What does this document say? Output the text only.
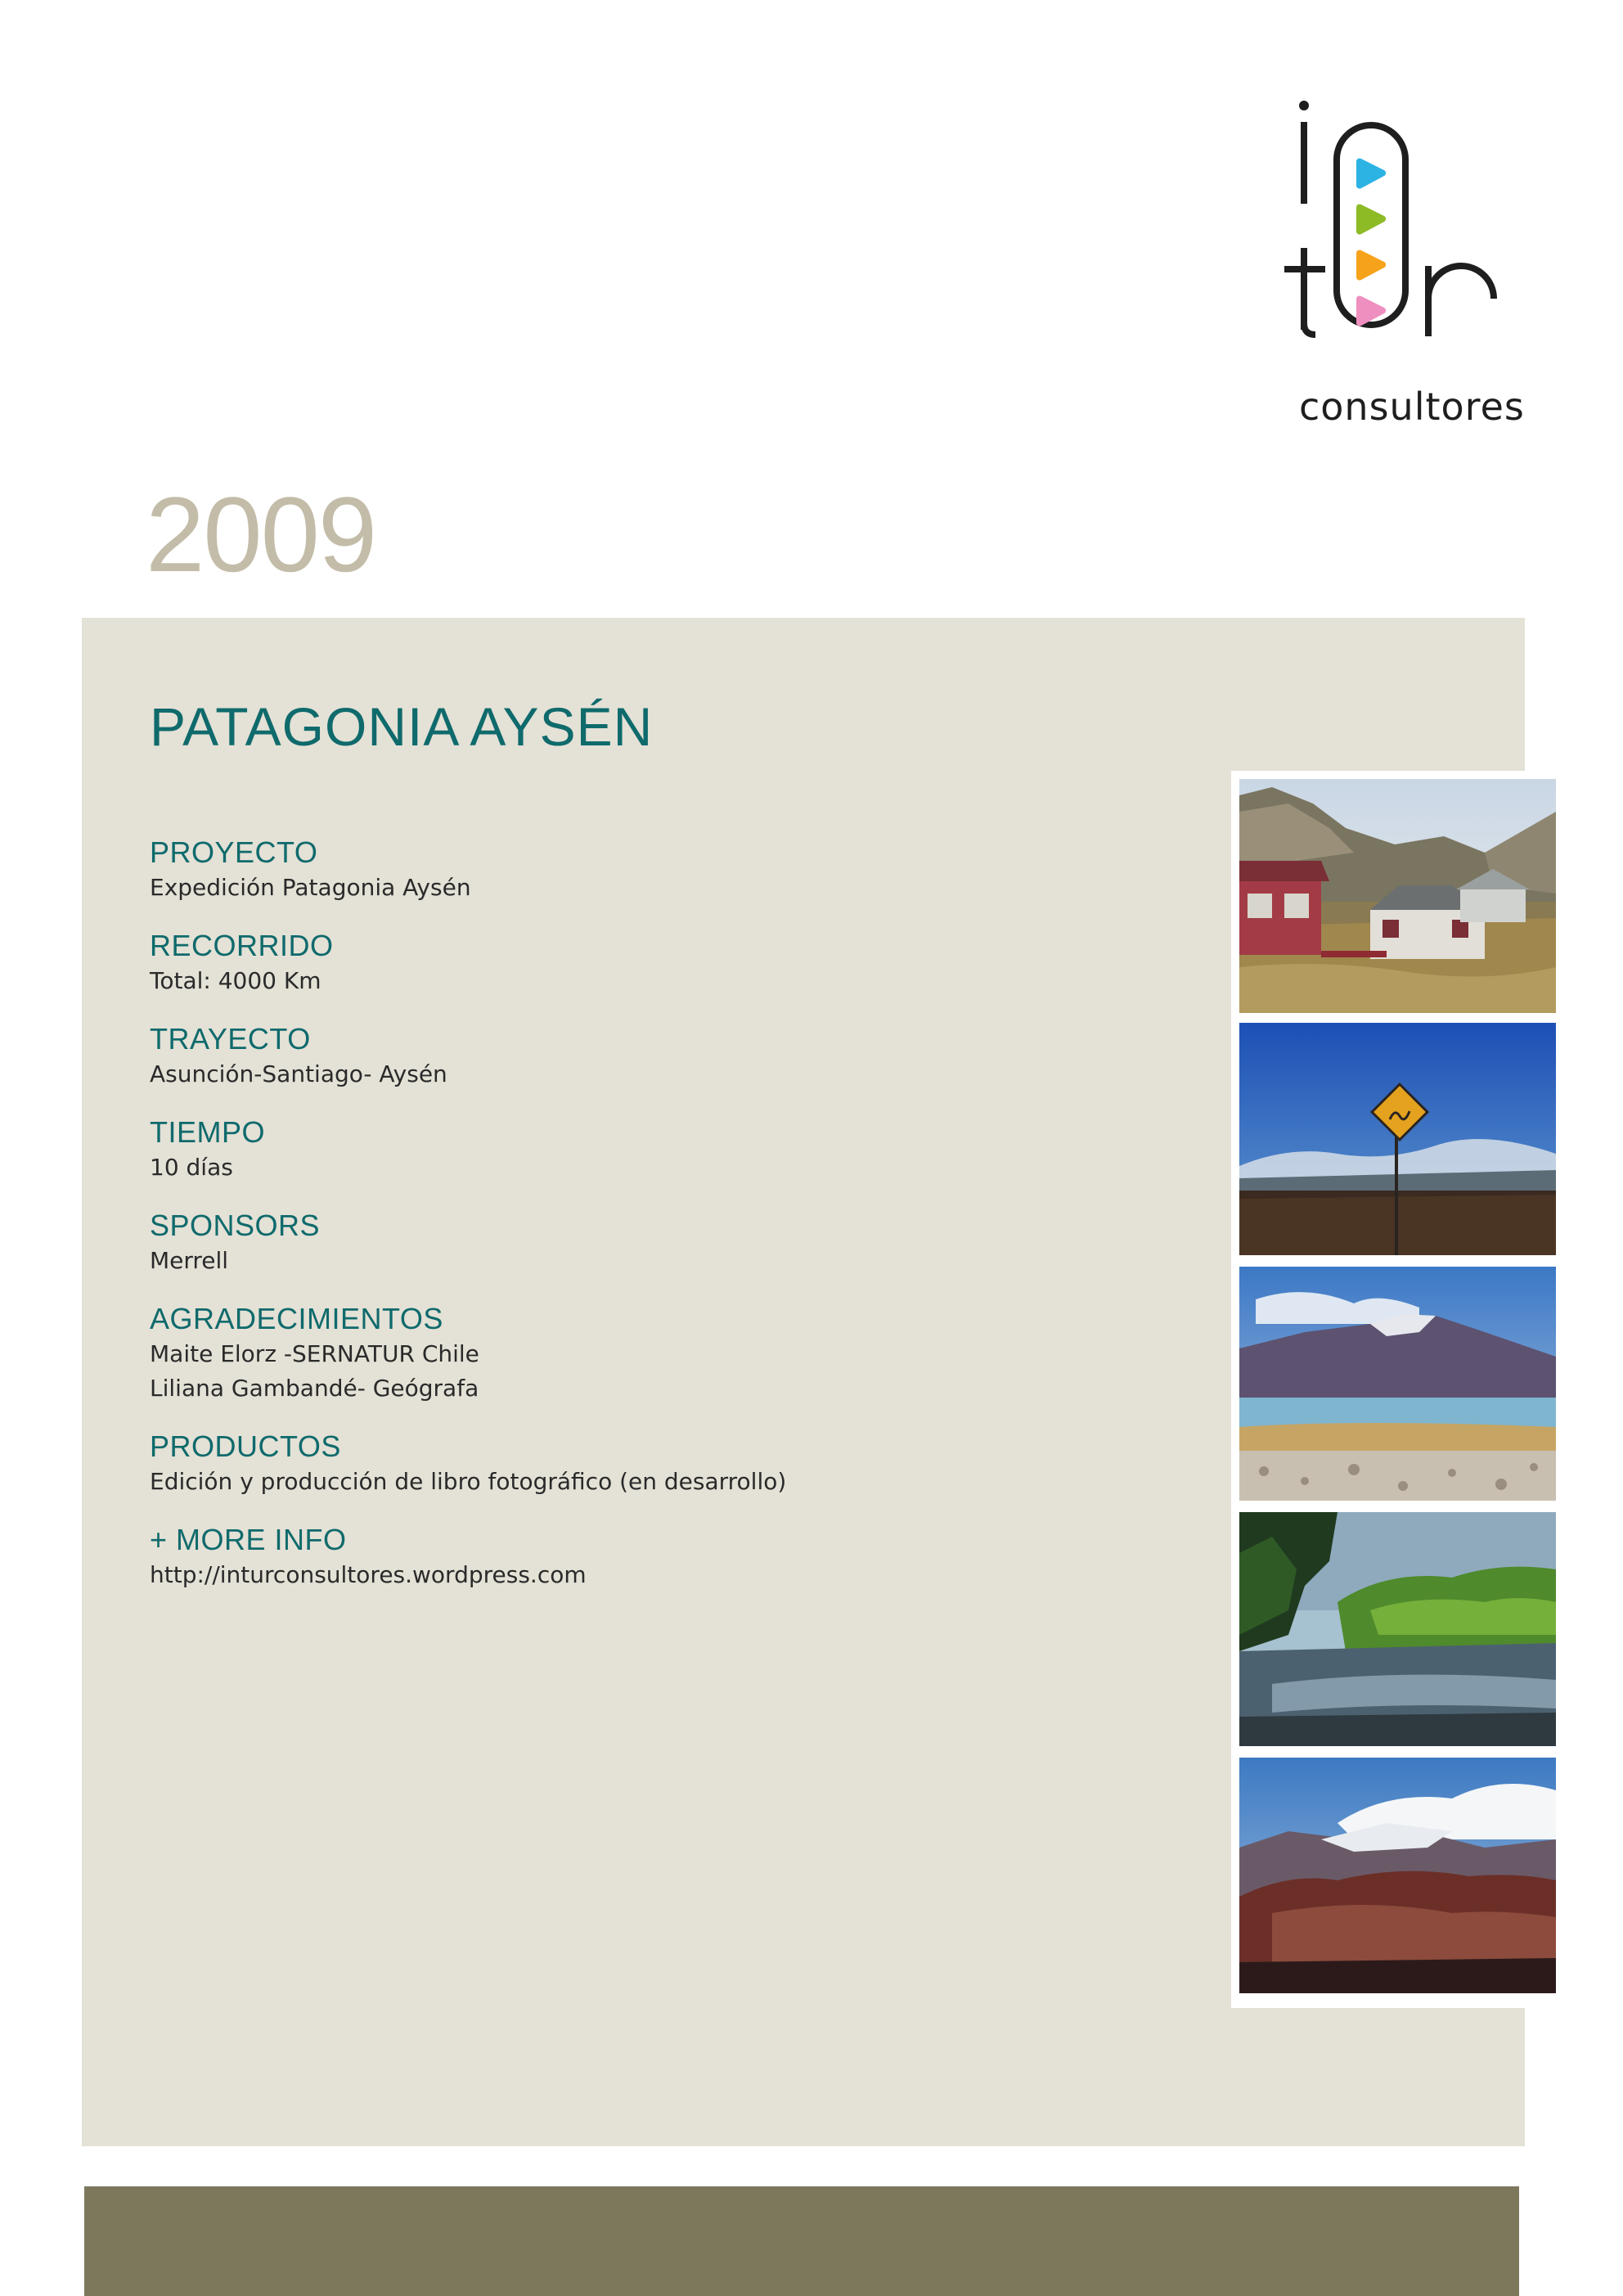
consultores
2009
PATAGONIA AYSÉN
PROYECTO
Expedición Patagonia Aysén
RECORRIDO
Total: 4000 Km
TRAYECTO
Asunción-Santiago- Aysén
TIEMPO
10 días
SPONSORS
Merrell
AGRADECIMIENTOS
Maite Elorz -SERNATUR Chile
Liliana Gambandé- Geógrafa
PRODUCTOS
Edición y producción de libro fotográfico (en desarrollo)
+ MORE INFO
http://inturconsultores.wordpress.com
